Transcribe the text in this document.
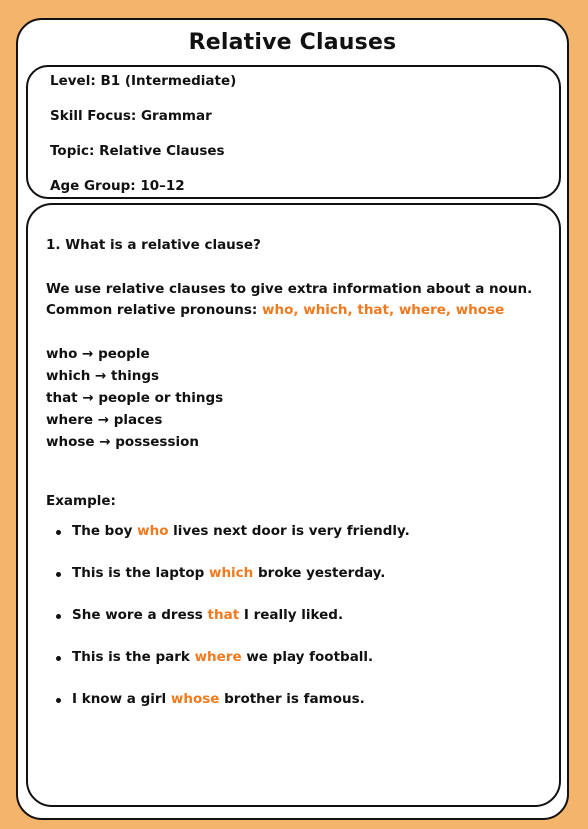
Relative Clauses
Level: B1 (Intermediate)
Skill Focus: Grammar
Topic: Relative Clauses
Age Group: 10–12
1. What is a relative clause?
We use relative clauses to give extra information about a noun.
Common relative pronouns: who, which, that, where, whose
who → people
which → things
that → people or things
where → places
whose → possession
Example:
The boy who lives next door is very friendly.
This is the laptop which broke yesterday.
She wore a dress that I really liked.
This is the park where we play football.
I know a girl whose brother is famous.
